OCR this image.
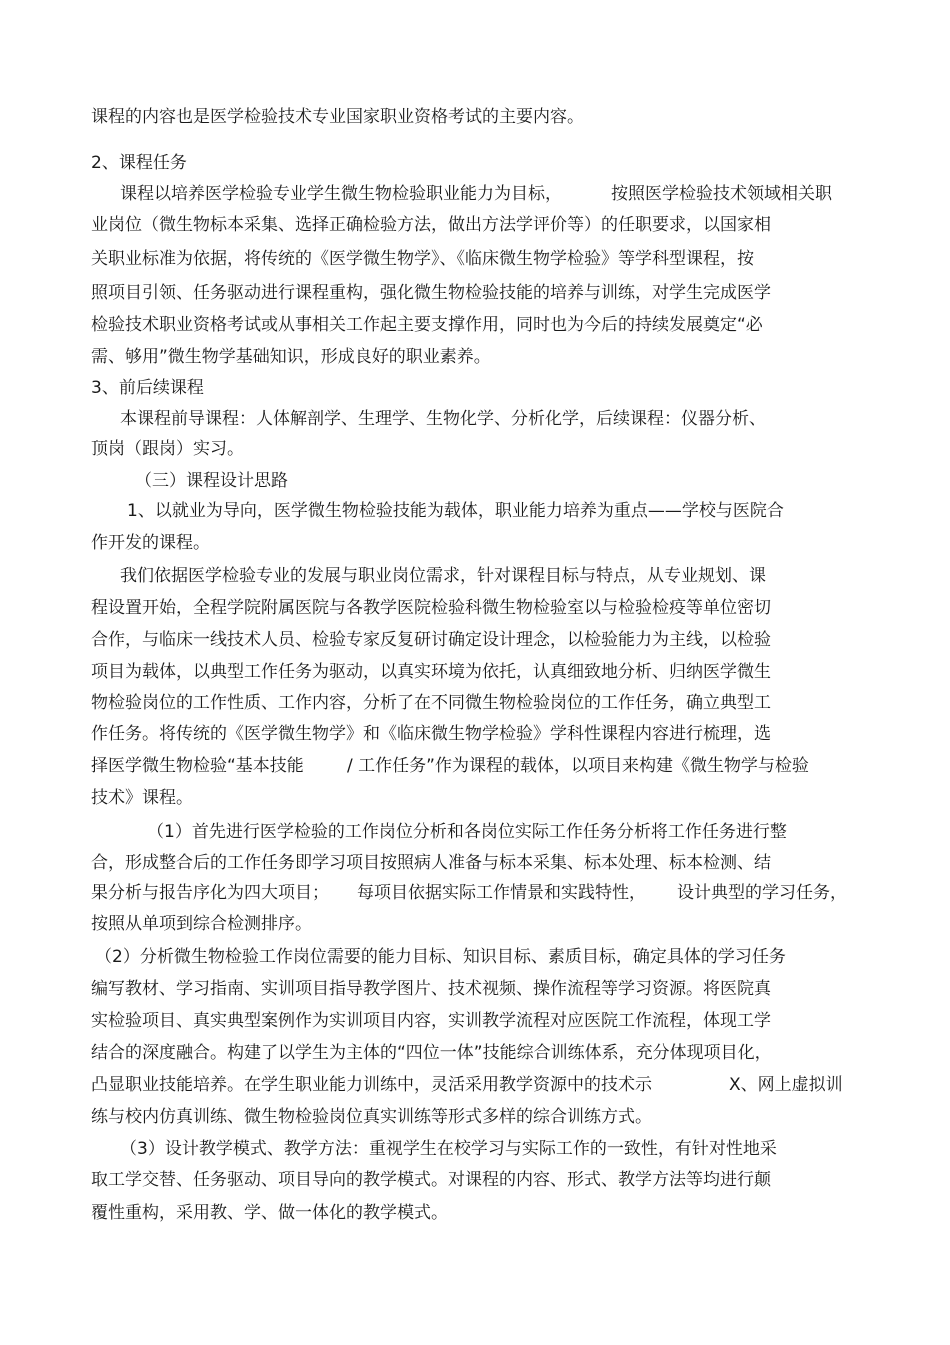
课程的内容也是医学检验技术专业国家职业资格考试的主要内容。
2、课程任务
课程以培养医学检验专业学生微生物检验职业能力为目标，	按照医学检验技术领域相关职
业岗位（微生物标本采集、选择正确检验方法，做出方法学评价等）的任职要求，以国家相
关职业标准为依据，将传统的《医学微生物学》、《临床微生物学检验》等学科型课程，按
照项目引领、任务驱动进行课程重构，强化微生物检验技能的培养与训练，对学生完成医学
检验技术职业资格考试或从事相关工作起主要支撑作用，同时也为今后的持续发展奠定“必
需、够用”微生物学基础知识，形成良好的职业素养。
3、前后续课程
本课程前导课程：人体解剖学、生理学、生物化学、分析化学，后续课程：仪器分析、
顶岗（跟岗）实习。
（三）课程设计思路
1、以就业为导向，医学微生物检验技能为载体，职业能力培养为重点——学校与医院合
作开发的课程。
我们依据医学检验专业的发展与职业岗位需求，针对课程目标与特点，从专业规划、课
程设置开始，全程学院附属医院与各教学医院检验科微生物检验室以与检验检疫等单位密切
合作，与临床一线技术人员、检验专家反复研讨确定设计理念，以检验能力为主线，以检验
项目为载体，以典型工作任务为驱动，以真实环境为依托，认真细致地分析、归纳医学微生
物检验岗位的工作性质、工作内容，分析了在不同微生物检验岗位的工作任务，确立典型工
作任务。将传统的《医学微生物学》和《临床微生物学检验》学科性课程内容进行梳理，选
择医学微生物检验“基本技能	/ 工作任务”作为课程的载体，以项目来构建《微生物学与检验
技术》课程。
（1）首先进行医学检验的工作岗位分析和各岗位实际工作任务分析将工作任务进行整
合，形成整合后的工作任务即学习项目按照病人准备与标本采集、标本处理、标本检测、结
果分析与报告序化为四大项目； 每项目依据实际工作情景和实践特性， 设计典型的学习任务，
按照从单项到综合检测排序。
（2）分析微生物检验工作岗位需要的能力目标、知识目标、素质目标，确定具体的学习任务
编写教材、学习指南、实训项目指导教学图片、技术视频、操作流程等学习资源。将医院真
实检验项目、真实典型案例作为实训项目内容，实训教学流程对应医院工作流程，体现工学
结合的深度融合。构建了以学生为主体的“四位一体”技能综合训练体系，充分体现项目化，
凸显职业技能培养。在学生职业能力训练中，灵活采用教学资源中的技术示	X、网上虚拟训
练与校内仿真训练、微生物检验岗位真实训练等形式多样的综合训练方式。
（3）设计教学模式、教学方法：重视学生在校学习与实际工作的一致性，有针对性地采
取工学交替、任务驱动、项目导向的教学模式。对课程的内容、形式、教学方法等均进行颠
覆性重构，采用教、学、做一体化的教学模式。
